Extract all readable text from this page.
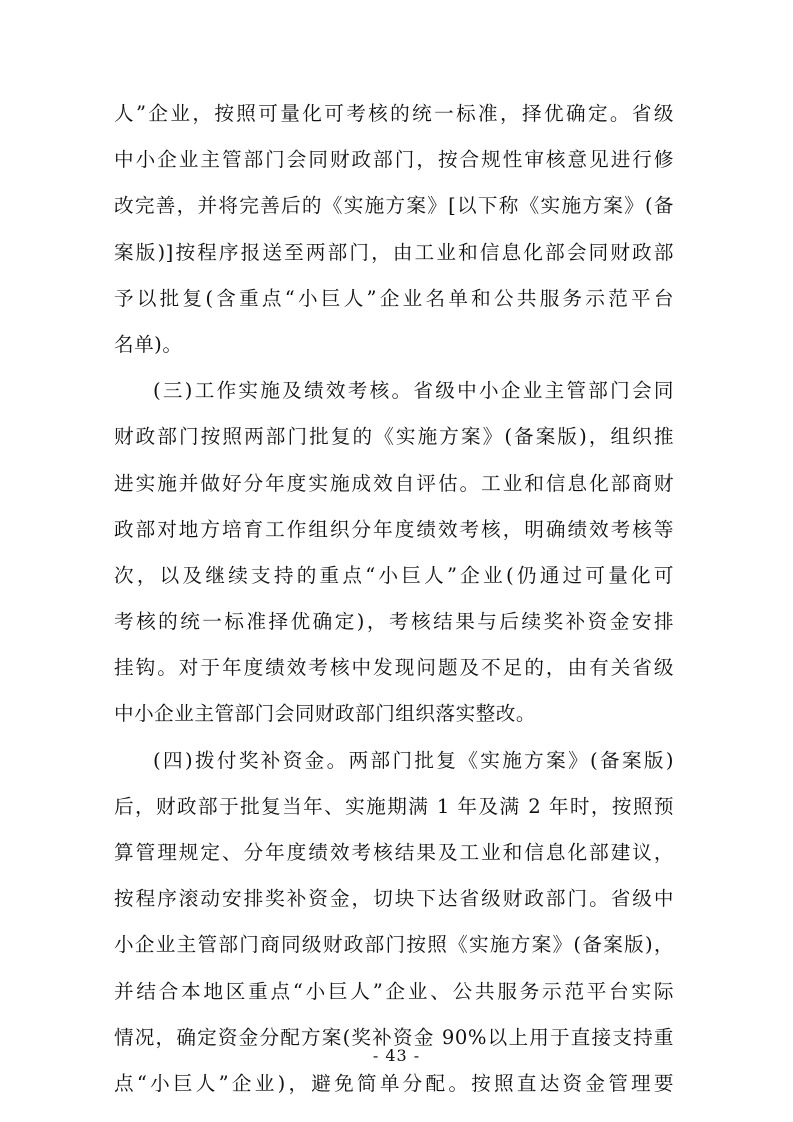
人”企业，按照可量化可考核的统一标准，择优确定。省级
中小企业主管部门会同财政部门，按合规性审核意见进行修
改完善，并将完善后的《实施方案》[以下称《实施方案》(备
案版)]按程序报送至两部门，由工业和信息化部会同财政部
予以批复(含重点“小巨人”企业名单和公共服务示范平台
名单)。
(三)工作实施及绩效考核。省级中小企业主管部门会同
财政部门按照两部门批复的《实施方案》(备案版)，组织推
进实施并做好分年度实施成效自评估。工业和信息化部商财
政部对地方培育工作组织分年度绩效考核，明确绩效考核等
次，以及继续支持的重点“小巨人”企业(仍通过可量化可
考核的统一标准择优确定)，考核结果与后续奖补资金安排
挂钩。对于年度绩效考核中发现问题及不足的，由有关省级
中小企业主管部门会同财政部门组织落实整改。
(四)拨付奖补资金。两部门批复《实施方案》(备案版)
后，财政部于批复当年、实施期满 1 年及满 2 年时，按照预
算管理规定、分年度绩效考核结果及工业和信息化部建议，
按程序滚动安排奖补资金，切块下达省级财政部门。省级中
小企业主管部门商同级财政部门按照《实施方案》(备案版)，
并结合本地区重点“小巨人”企业、公共服务示范平台实际
情况，确定资金分配方案(奖补资金 90%以上用于直接支持重
点“小巨人”企业)，避免简单分配。按照直达资金管理要
- 43 -
